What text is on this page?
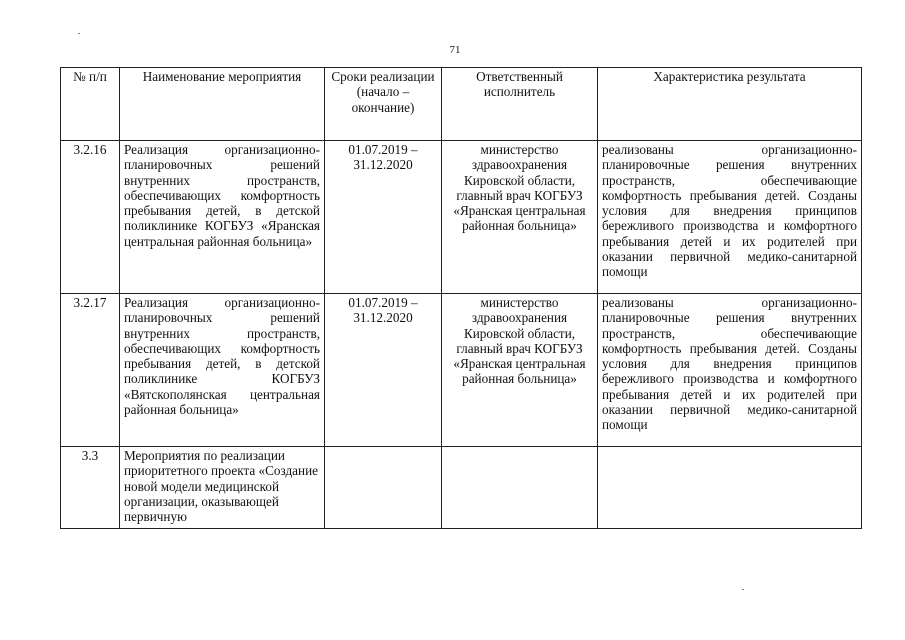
71
№ п/п	Наименование мероприятия	Сроки реализации (начало – окончание)	Ответственный исполнитель	Характеристика результата
3.2.16	Реализация организационно-планировочных решений внутренних пространств, обеспечивающих комфортность пребывания детей, в детской поликлинике КОГБУЗ «Яранская центральная районная больница»	01.07.2019 – 31.12.2020	министерство здравоохранения Кировской области, главный врач КОГБУЗ «Яранская центральная районная больница»	реализованы организационно-планировочные решения внутренних пространств, обеспечивающие комфортность пребывания детей. Созданы условия для внедрения принципов бережливого производства и комфортного пребывания детей и их родителей при оказании первичной медико-санитарной помощи
3.2.17	Реализация организационно-планировочных решений внутренних пространств, обеспечивающих комфортность пребывания детей, в детской поликлинике КОГБУЗ «Вятскополянская центральная районная больница»	01.07.2019 – 31.12.2020	министерство здравоохранения Кировской области, главный врач КОГБУЗ «Яранская центральная районная больница»	реализованы организационно-планировочные решения внутренних пространств, обеспечивающие комфортность пребывания детей. Созданы условия для внедрения принципов бережливого производства и комфортного пребывания детей и их родителей при оказании первичной медико-санитарной помощи
3.3	Мероприятия по реализации приоритетного проекта «Создание новой модели медицинской организации, оказывающей первичную			
